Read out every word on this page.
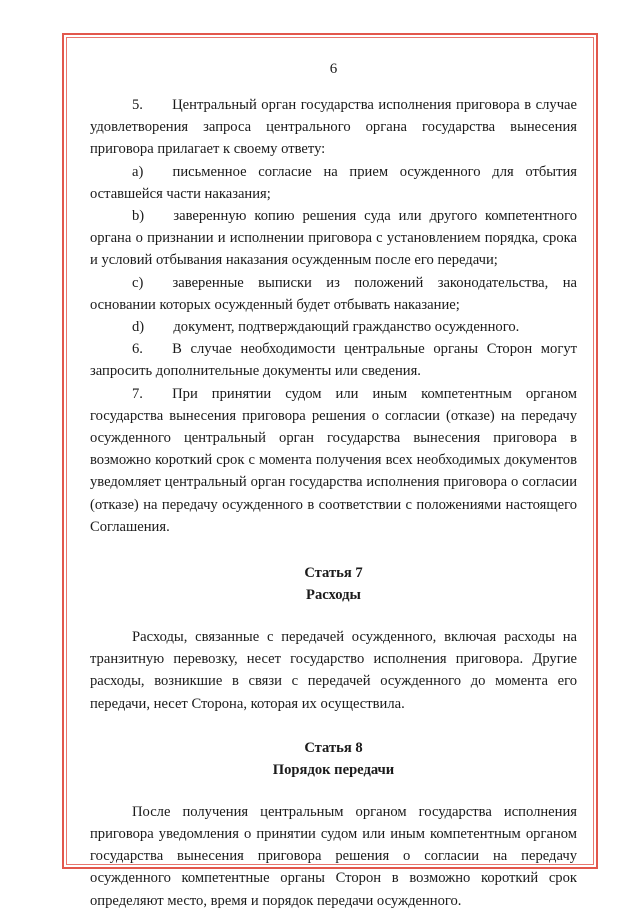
6

5.  Центральный орган государства исполнения приговора в случае удовлетворения запроса центрального органа государства вынесения приговора прилагает к своему ответу:

а)  письменное согласие на прием осужденного для отбытия оставшейся части наказания;

b)  заверенную копию решения суда или другого компетентного органа о признании и исполнении приговора с установлением порядка, срока и условий отбывания наказания осужденным после его передачи;

с)  заверенные выписки из положений законодательства, на основании которых осужденный будет отбывать наказание;

d)  документ, подтверждающий гражданство осужденного.

6.  В случае необходимости центральные органы Сторон могут запросить дополнительные документы или сведения.

7.  При принятии судом или иным компетентным органом государства вынесения приговора решения о согласии (отказе) на передачу осужденного центральный орган государства вынесения приговора в возможно короткий срок с момента получения всех необходимых документов уведомляет центральный орган государства исполнения приговора о согласии (отказе) на передачу осужденного в соответствии с положениями настоящего Соглашения.

Статья 7

Расходы

Расходы, связанные с передачей осужденного, включая расходы на транзитную перевозку, несет государство исполнения приговора. Другие расходы, возникшие в связи с передачей осужденного до момента его передачи, несет Сторона, которая их осуществила.

Статья 8

Порядок передачи

После получения центральным органом государства исполнения приговора уведомления о принятии судом или иным компетентным органом государства вынесения приговора решения о согласии на передачу осужденного компетентные органы Сторон в возможно короткий срок определяют место, время и порядок передачи осужденного.
